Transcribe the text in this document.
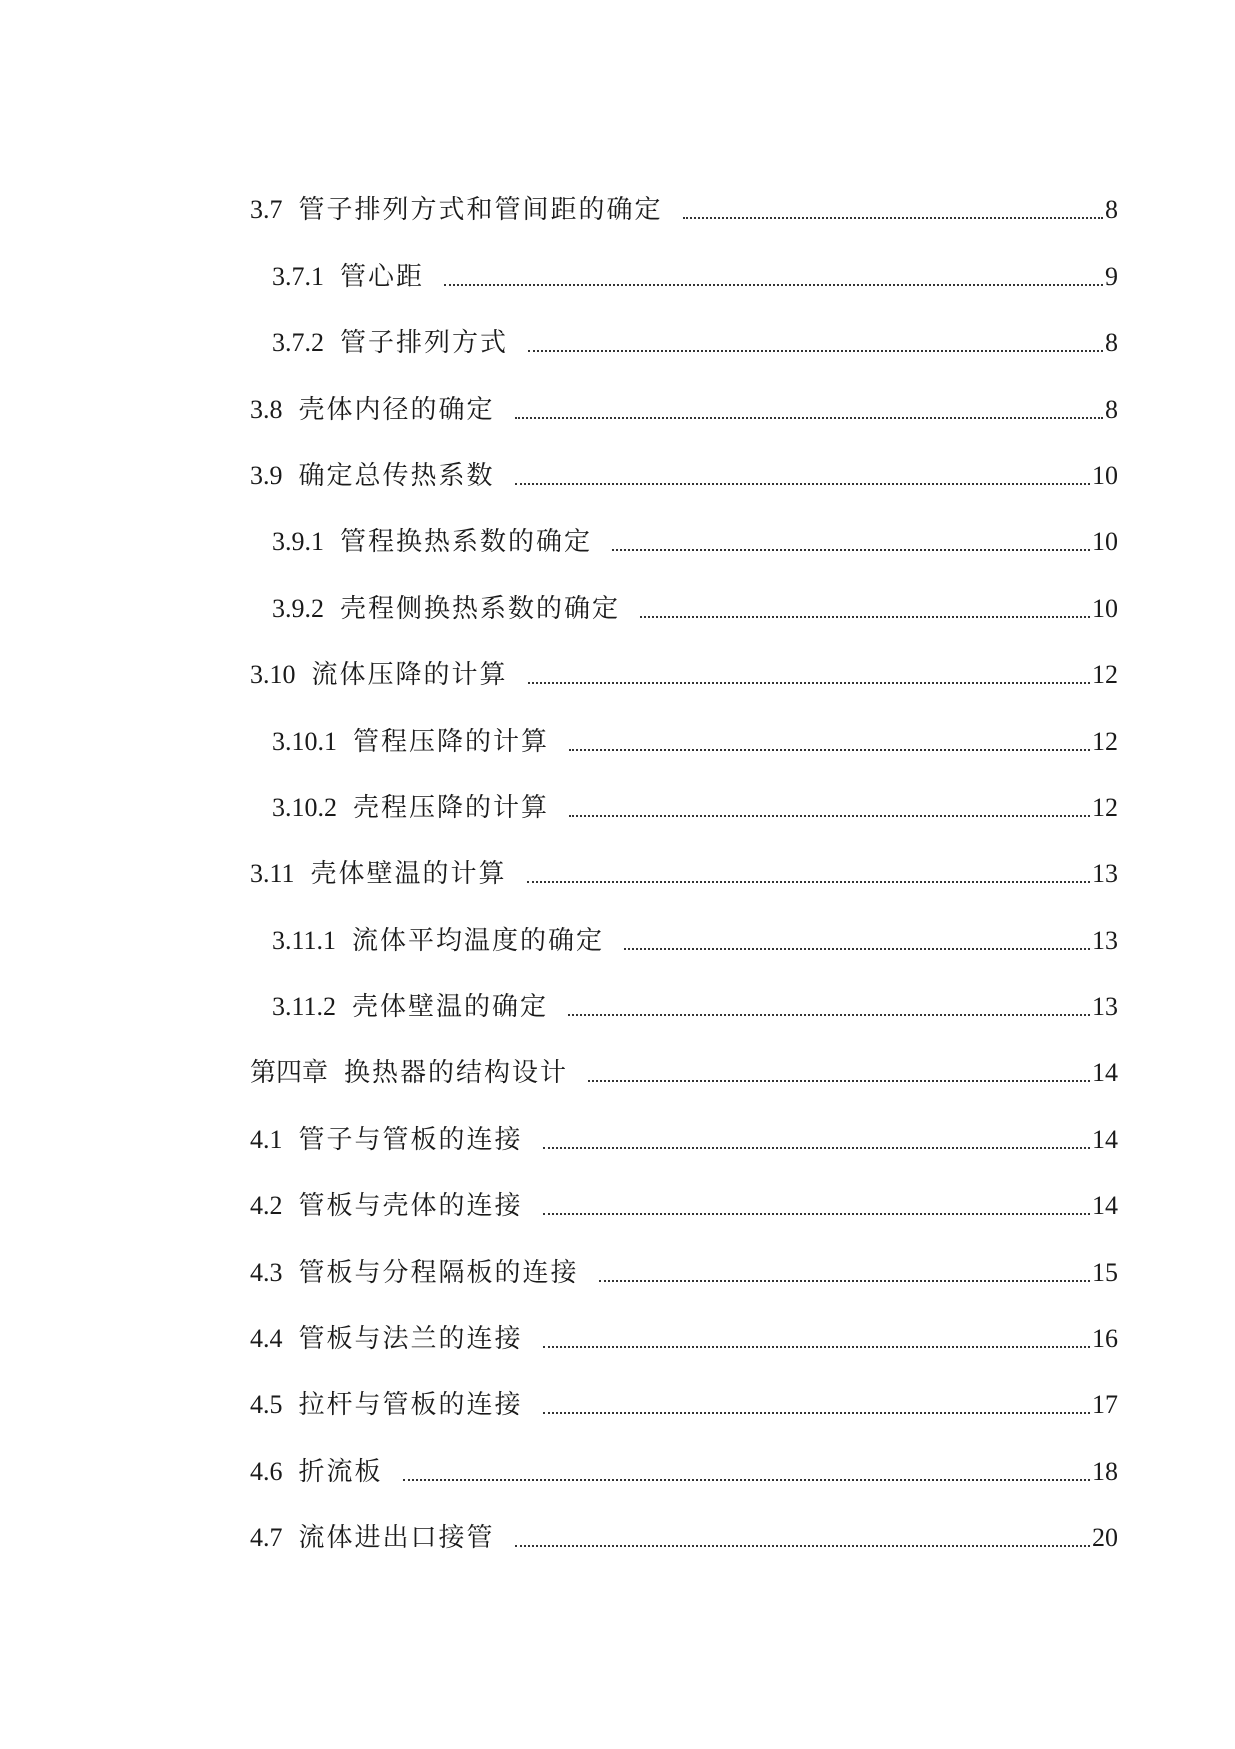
3.7 管子排列方式和管间距的确定	8
3.7.1 管心距	9
3.7.2 管子排列方式	8
3.8 壳体内径的确定	8
3.9 确定总传热系数	10
3.9.1 管程换热系数的确定	10
3.9.2 壳程侧换热系数的确定	10
3.10 流体压降的计算	12
3.10.1 管程压降的计算	12
3.10.2 壳程压降的计算	12
3.11 壳体壁温的计算	13
3.11.1 流体平均温度的确定	13
3.11.2 壳体壁温的确定	13
第四章 换热器的结构设计	14
4.1 管子与管板的连接	14
4.2 管板与壳体的连接	14
4.3 管板与分程隔板的连接	15
4.4 管板与法兰的连接	16
4.5 拉杆与管板的连接	17
4.6 折流板	18
4.7 流体进出口接管	20
